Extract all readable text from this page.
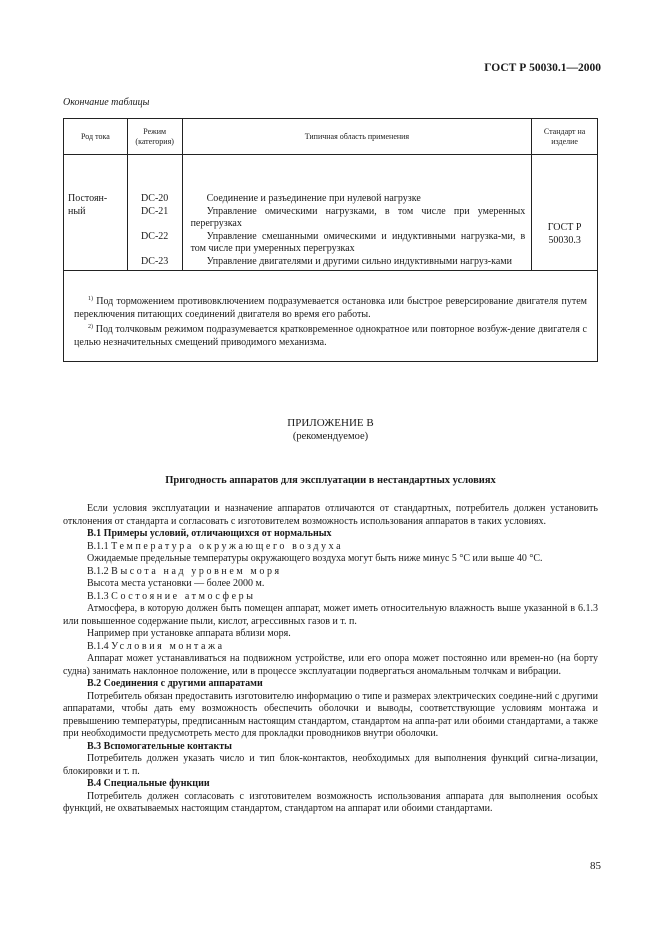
ГОСТ Р 50030.1—2000
Окончание таблицы
Род тока
Режим (категория)
Типичная область применения
Стандарт на изделие
Постоян-
ный
DC-20
DC-21
DC-22
DC-23
Соединение и разъединение при нулевой нагрузке
Управление омическими нагрузками, в том числе при умеренных перегрузках
Управление смешанными омическими и индуктивными нагрузка-ми, в том числе при умеренных перегрузках
Управление двигателями и другими сильно индуктивными нагруз-ками
ГОСТ Р
50030.3
$^{1)}$ Под торможением противовключением подразумевается остановка или быстрое реверсирование двигателя путем переключения питающих соединений двигателя во время его работы.
$^{2)}$ Под толчковым режимом подразумевается кратковременное однократное или повторное возбуж-дение двигателя с целью незначительных смещений приводимого механизма.
ПРИЛОЖЕНИЕ В
(рекомендуемое)
Пригодность аппаратов для эксплуатации в нестандартных условиях

Если условия эксплуатации и назначение аппаратов отличаются от стандартных, потребитель должен установить отклонения от стандарта и согласовать с изготовителем возможность использования аппаратов в таких условиях.

В.1 Примеры условий, отличающихся от нормальных

В.1.1 Температура окружающего воздуха

Ожидаемые предельные температуры окружающего воздуха могут быть ниже минус 5 °С или выше 40 °С.

В.1.2 Высота над уровнем моря

Высота места установки — более 2000 м.

В.1.3 Состояние атмосферы

Атмосфера, в которую должен быть помещен аппарат, может иметь относительную влажность выше указанной в 6.1.3 или повышенное содержание пыли, кислот, агрессивных газов и т. п.

Например при установке аппарата вблизи моря.

В.1.4 Условия монтажа

Аппарат может устанавливаться на подвижном устройстве, или его опора может постоянно или времен-но (на борту судна) занимать наклонное положение, или в процессе эксплуатации подвергаться аномальным толчкам и вибрации.

В.2 Соединения с другими аппаратами

Потребитель обязан предоставить изготовителю информацию о типе и размерах электрических соедине-ний с другими аппаратами, чтобы дать ему возможность обеспечить оболочки и выводы, соответствующие условиям монтажа и превышению температуры, предписанным настоящим стандартом, стандартом на аппа-рат или обоими стандартами, а также при необходимости предусмотреть место для прокладки проводников внутри оболочки.

В.3 Вспомогательные контакты

Потребитель должен указать число и тип блок-контактов, необходимых для выполнения функций сигна-лизации, блокировки и т. п.

В.4 Специальные функции

Потребитель должен согласовать с изготовителем возможность использования аппарата для выполнения особых функций, не охватываемых настоящим стандартом, стандартом на аппарат или обоими стандартами.

85
